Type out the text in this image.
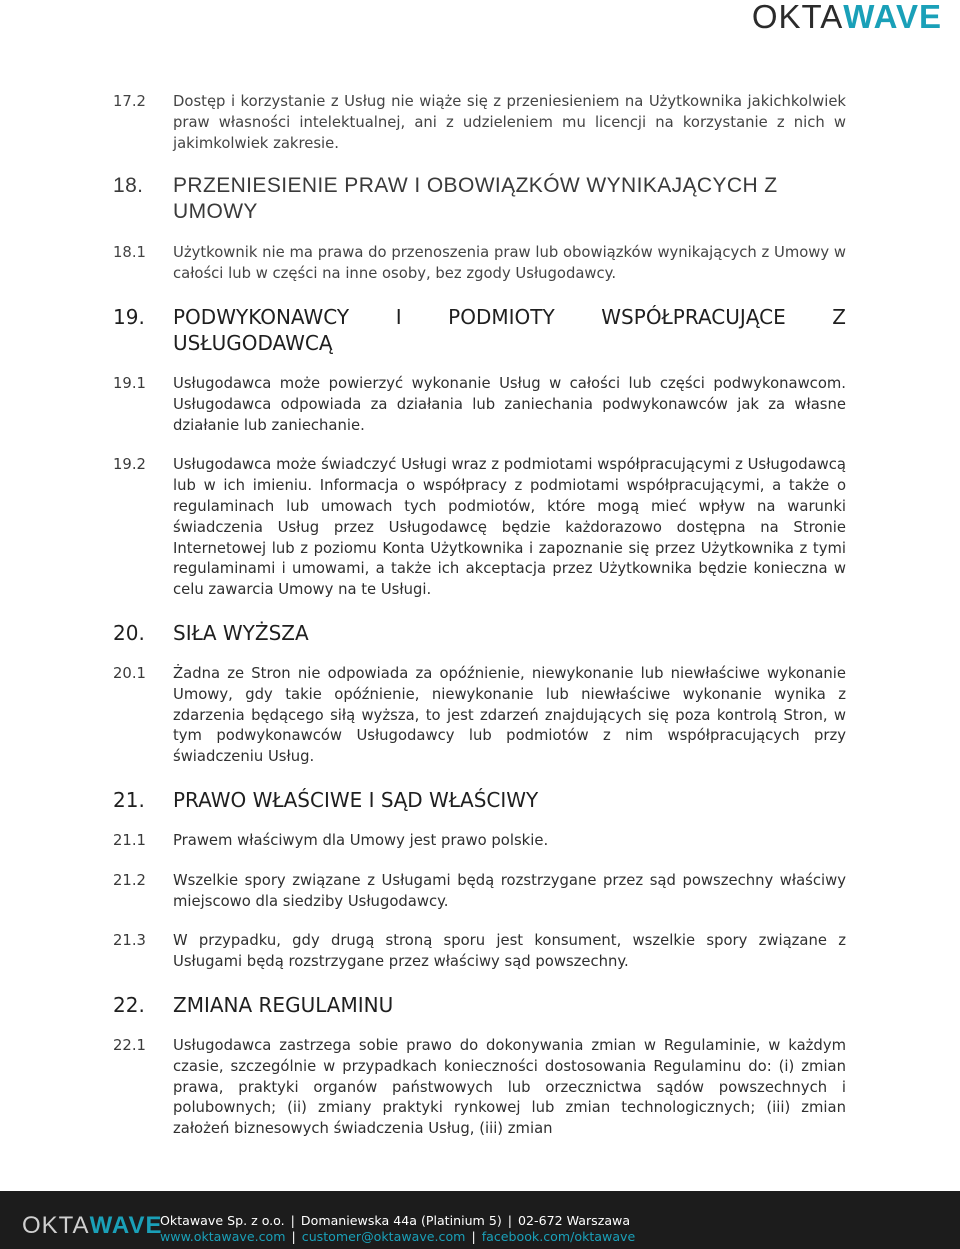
OKTAWAVE
17.2	Dostęp i korzystanie z Usług nie wiąże się z przeniesieniem na Użytkownika jakichkolwiek praw własności intelektualnej, ani z udzieleniem mu licencji na korzystanie z nich w jakimkolwiek zakresie.
18.	PRZENIESIENIE PRAW I OBOWIĄZKÓW WYNIKAJĄCYCH Z UMOWY
18.1	Użytkownik nie ma prawa do przenoszenia praw lub obowiązków wynikających z Umowy w całości lub w części na inne osoby, bez zgody Usługodawcy.
19.	PODWYKONAWCY I PODMIOTY WSPÓŁPRACUJĄCE Z USŁUGODAWCĄ
19.1	Usługodawca może powierzyć wykonanie Usług w całości lub części podwykonawcom. Usługodawca odpowiada za działania lub zaniechania podwykonawców jak za własne działanie lub zaniechanie.
19.2	Usługodawca może świadczyć Usługi wraz z podmiotami współpracującymi z Usługodawcą lub w ich imieniu. Informacja o współpracy z podmiotami współpracującymi, a także o regulaminach lub umowach tych podmiotów, które mogą mieć wpływ na warunki świadczenia Usług przez Usługodawcę będzie każdorazowo dostępna na Stronie Internetowej lub z poziomu Konta Użytkownika i zapoznanie się przez Użytkownika z tymi regulaminami i umowami, a także ich akceptacja przez Użytkownika będzie konieczna w celu zawarcia Umowy na te Usługi.
20.	SIŁA WYŻSZA
20.1	Żadna ze Stron nie odpowiada za opóźnienie, niewykonanie lub niewłaściwe wykonanie Umowy, gdy takie opóźnienie, niewykonanie lub niewłaściwe wykonanie wynika z zdarzenia będącego siłą wyższa, to jest zdarzeń znajdujących się poza kontrolą Stron, w tym podwykonawców Usługodawcy lub podmiotów z nim współpracujących przy świadczeniu Usług.
21.	PRAWO WŁAŚCIWE I SĄD WŁAŚCIWY
21.1	Prawem właściwym dla Umowy jest prawo polskie.
21.2	Wszelkie spory związane z Usługami będą rozstrzygane przez sąd powszechny właściwy miejscowo dla siedziby Usługodawcy.
21.3	W przypadku, gdy drugą stroną sporu jest konsument, wszelkie spory związane z Usługami będą rozstrzygane przez właściwy sąd powszechny.
22.	ZMIANA REGULAMINU
22.1	Usługodawca zastrzega sobie prawo do dokonywania zmian w Regulaminie, w każdym czasie, szczególnie w przypadkach konieczności dostosowania Regulaminu do: (i) zmian prawa, praktyki organów państwowych lub orzecznictwa sądów powszechnych i polubownych; (ii) zmiany praktyki rynkowej lub zmian technologicznych; (iii) zmian założeń biznesowych świadczenia Usług, (iii) zmian
OKTAWAVE
Oktawave Sp. z o.o. | Domaniewska 44a (Platinium 5) | 02-672 Warszawa
www.oktawave.com | customer@oktawave.com | facebook.com/oktawave
